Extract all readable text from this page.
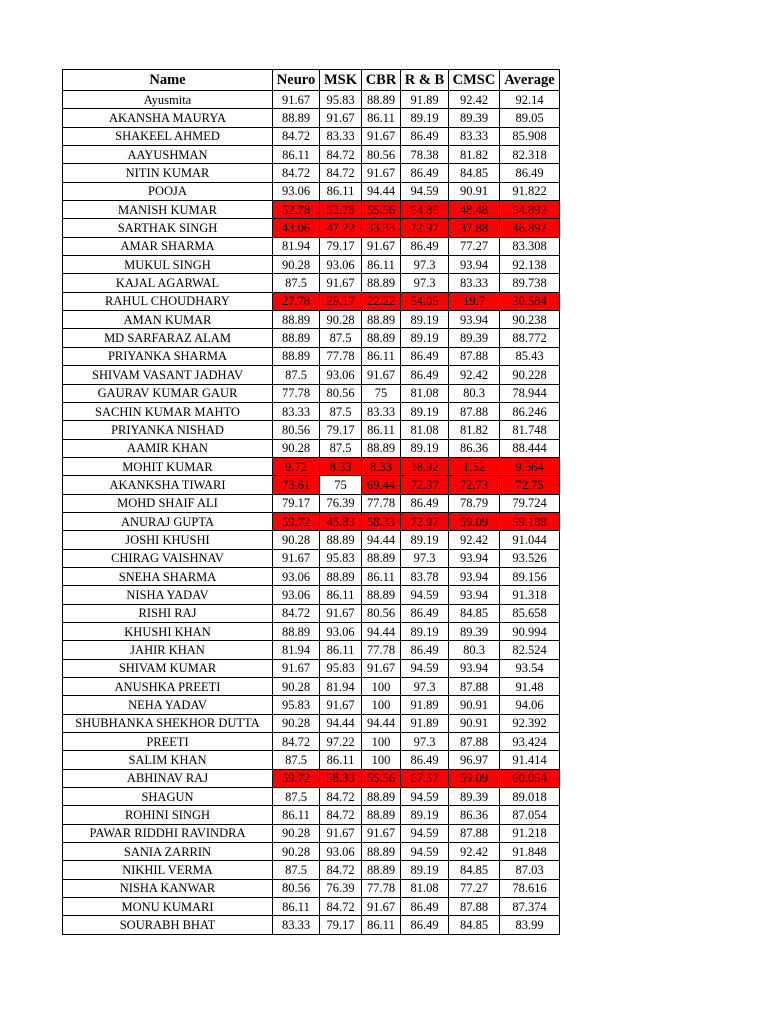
Name	Neuro	MSK	CBR	R & B	CMSC	Average
Ayusmita	91.67	95.83	88.89	91.89	92.42	92.14
AKANSHA MAURYA	88.89	91.67	86.11	89.19	89.39	89.05
SHAKEEL AHMED	84.72	83.33	91.67	86.49	83.33	85.908
AAYUSHMAN	86.11	84.72	80.56	78.38	81.82	82.318
NITIN KUMAR	84.72	84.72	91.67	86.49	84.85	86.49
POOJA	93.06	86.11	94.44	94.59	90.91	91.822
MANISH KUMAR	52.78	52.78	55.56	64.86	48.48	54.892
SARTHAK SINGH	43.06	47.22	33.33	72.97	37.88	46.892
AMAR SHARMA	81.94	79.17	91.67	86.49	77.27	83.308
MUKUL SINGH	90.28	93.06	86.11	97.3	93.94	92.138
KAJAL AGARWAL	87.5	91.67	88.89	97.3	83.33	89.738
RAHUL CHOUDHARY	27.78	29.17	22.22	54.05	19.7	30.584
AMAN KUMAR	88.89	90.28	88.89	89.19	93.94	90.238
MD SARFARAZ ALAM	88.89	87.5	88.89	89.19	89.39	88.772
PRIYANKA SHARMA	88.89	77.78	86.11	86.49	87.88	85.43
SHIVAM VASANT JADHAV	87.5	93.06	91.67	86.49	92.42	90.228
GAURAV KUMAR GAUR	77.78	80.56	75	81.08	80.3	78.944
SACHIN KUMAR MAHTO	83.33	87.5	83.33	89.19	87.88	86.246
PRIYANKA NISHAD	80.56	79.17	86.11	81.08	81.82	81.748
AAMIR KHAN	90.28	87.5	88.89	89.19	86.36	88.444
MOHIT KUMAR	9.72	8.33	8.33	18.92	1.52	9.364
AKANKSHA TIWARI	73.61	75	69.44	72.97	72.73	72.75
MOHD SHAIF ALI	79.17	76.39	77.78	86.49	78.79	79.724
ANURAJ GUPTA	59.72	45.83	58.33	72.97	59.09	59.188
JOSHI KHUSHI	90.28	88.89	94.44	89.19	92.42	91.044
CHIRAG VAISHNAV	91.67	95.83	88.89	97.3	93.94	93.526
SNEHA SHARMA	93.06	88.89	86.11	83.78	93.94	89.156
NISHA YADAV	93.06	86.11	88.89	94.59	93.94	91.318
RISHI RAJ	84.72	91.67	80.56	86.49	84.85	85.658
KHUSHI KHAN	88.89	93.06	94.44	89.19	89.39	90.994
JAHIR KHAN	81.94	86.11	77.78	86.49	80.3	82.524
SHIVAM KUMAR	91.67	95.83	91.67	94.59	93.94	93.54
ANUSHKA PREETI	90.28	81.94	100	97.3	87.88	91.48
NEHA YADAV	95.83	91.67	100	91.89	90.91	94.06
SHUBHANKA SHEKHOR DUTTA	90.28	94.44	94.44	91.89	90.91	92.392
PREETI	84.72	97.22	100	97.3	87.88	93.424
SALIM KHAN	87.5	86.11	100	86.49	96.97	91.414
ABHINAV RAJ	59.72	58.33	55.56	67.57	59.09	60.054
SHAGUN	87.5	84.72	88.89	94.59	89.39	89.018
ROHINI SINGH	86.11	84.72	88.89	89.19	86.36	87.054
PAWAR RIDDHI RAVINDRA	90.28	91.67	91.67	94.59	87.88	91.218
SANIA ZARRIN	90.28	93.06	88.89	94.59	92.42	91.848
NIKHIL VERMA	87.5	84.72	88.89	89.19	84.85	87.03
NISHA KANWAR	80.56	76.39	77.78	81.08	77.27	78.616
MONU KUMARI	86.11	84.72	91.67	86.49	87.88	87.374
SOURABH BHAT	83.33	79.17	86.11	86.49	84.85	83.99
